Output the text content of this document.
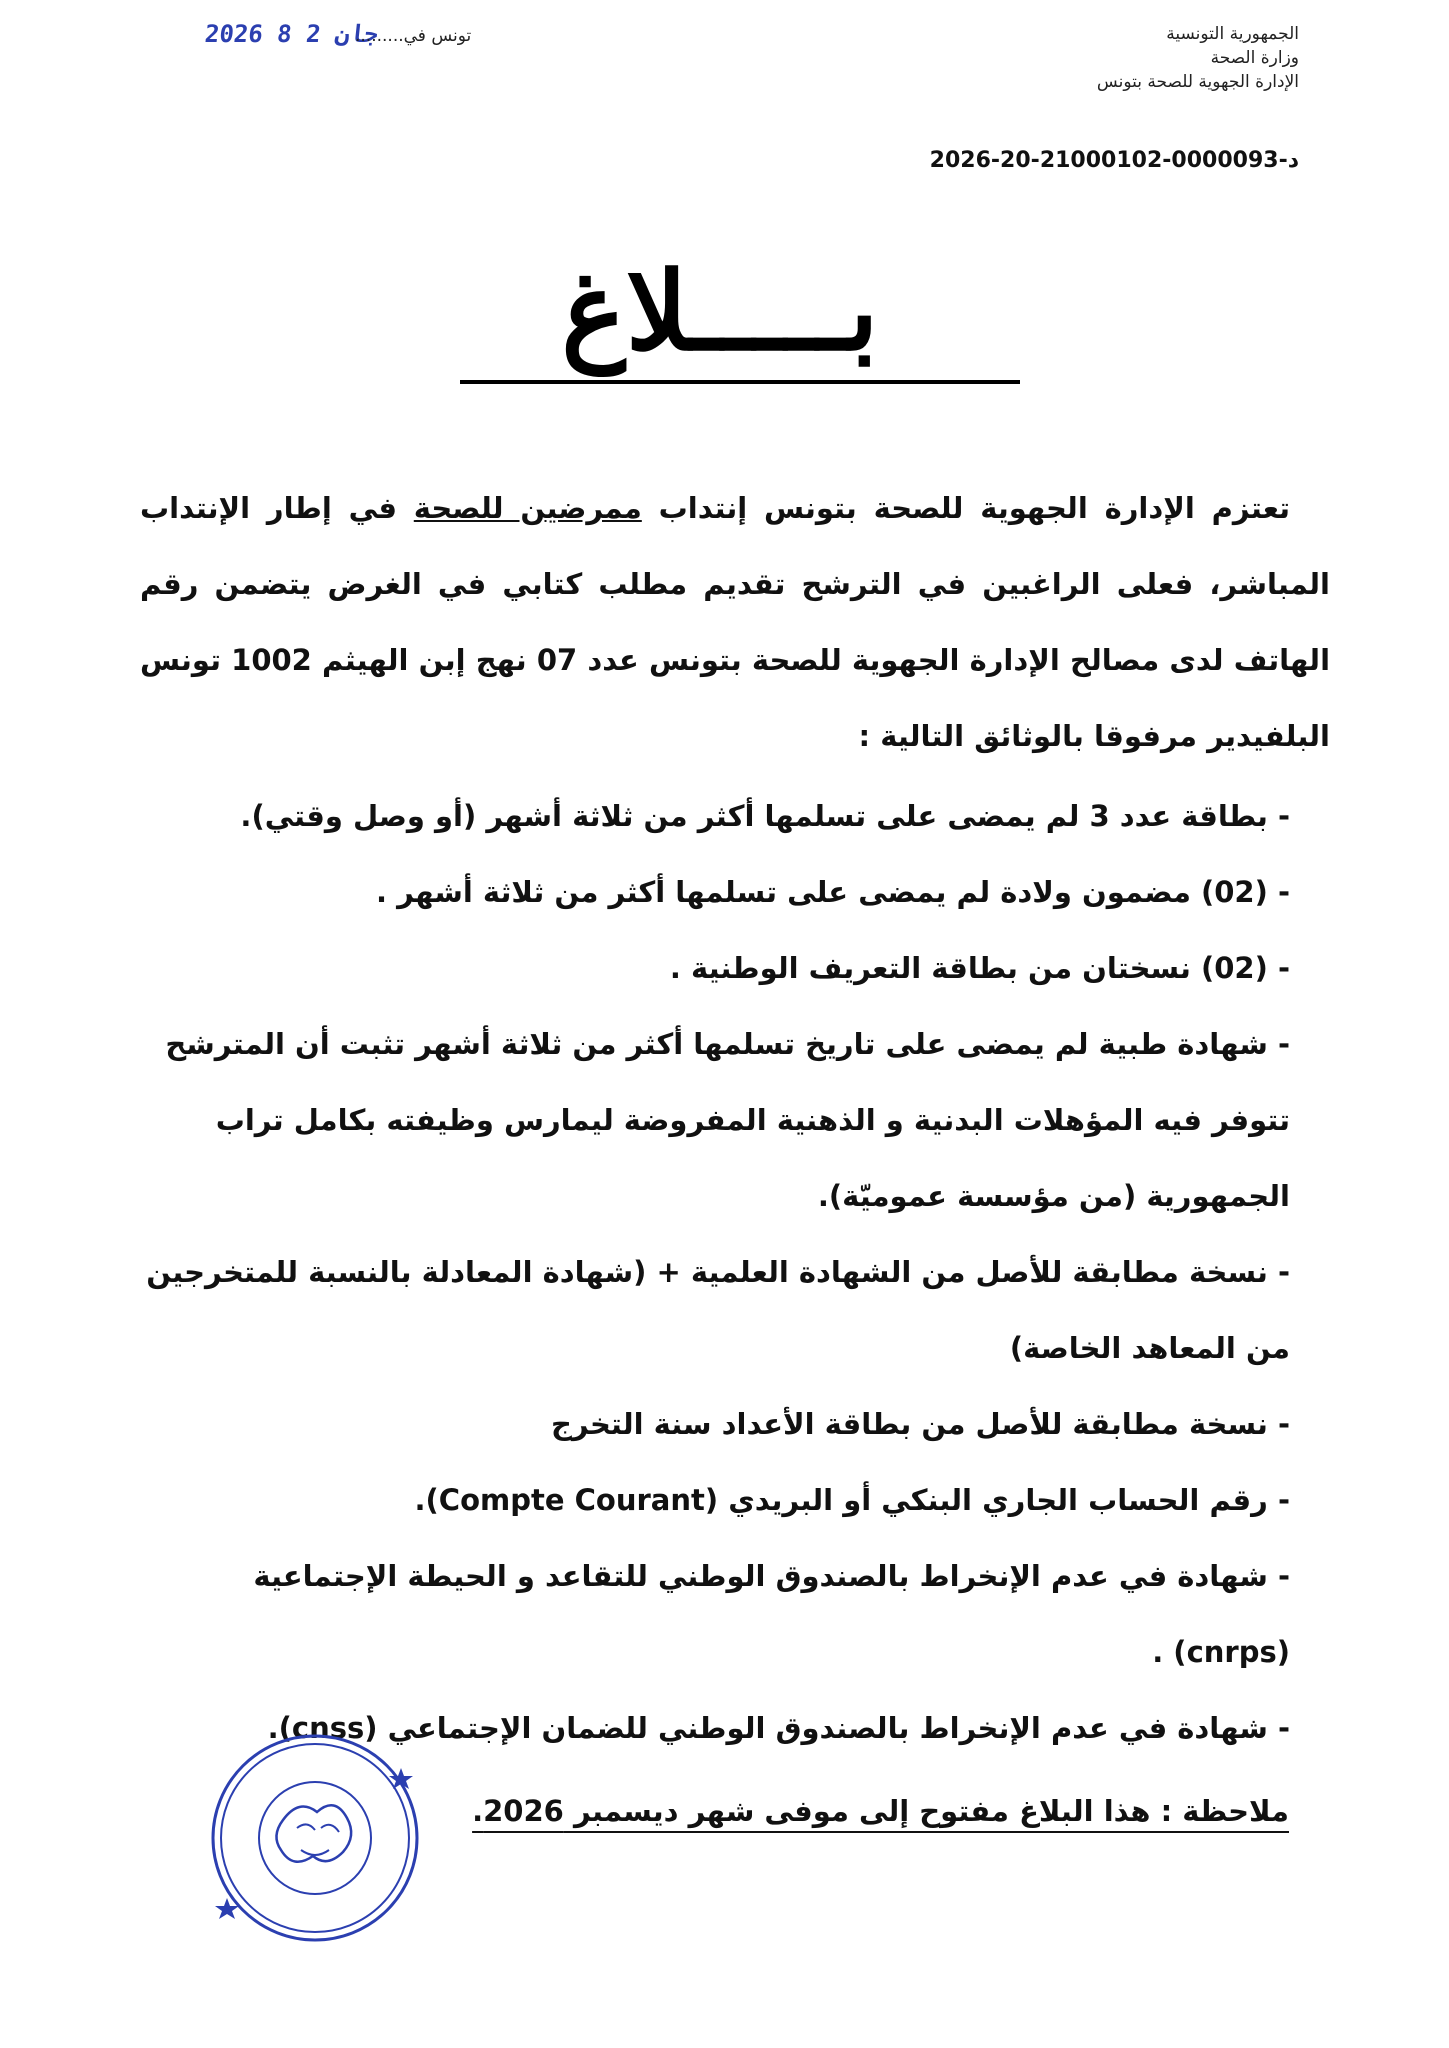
الجمهورية التونسية
وزارة الصحة
الإدارة الجهوية للصحة بتونس
2026 جان 2 8
تونس في.........
د-0000093-21000102-20-2026
بـــــلاغ

تعتزم الإدارة الجهوية للصحة بتونس إنتداب ممرضين للصحة في إطار الإنتداب المباشر، فعلى الراغبين في الترشح تقديم مطلب كتابي في الغرض يتضمن رقم الهاتف لدى مصالح الإدارة الجهوية للصحة بتونس عدد 07 نهج إبن الهيثم 1002 تونس البلفيدير مرفوقا بالوثائق التالية :

- بطاقة عدد 3 لم يمضى على تسلمها أكثر من ثلاثة أشهر (أو وصل وقتي).
- (02) مضمون ولادة لم يمضى على تسلمها أكثر من ثلاثة أشهر .
- (02) نسختان من بطاقة التعريف الوطنية .
- شهادة طبية لم يمضى على تاريخ تسلمها أكثر من ثلاثة أشهر تثبت أن المترشح تتوفر فيه المؤهلات البدنية و الذهنية المفروضة ليمارس وظيفته بكامل تراب الجمهورية (من مؤسسة عموميّة).
- نسخة مطابقة للأصل من الشهادة العلمية + (شهادة المعادلة بالنسبة للمتخرجين من المعاهد الخاصة)
- نسخة مطابقة للأصل من بطاقة الأعداد سنة التخرج
- رقم الحساب الجاري البنكي أو البريدي (Compte Courant).
- شهادة في عدم الإنخراط بالصندوق الوطني للتقاعد و الحيطة الإجتماعية (cnrps) .
- شهادة في عدم الإنخراط بالصندوق الوطني للضمان الإجتماعي (cnss).
ملاحظة : هذا البلاغ مفتوح إلى موفى شهر ديسمبر 2026.
